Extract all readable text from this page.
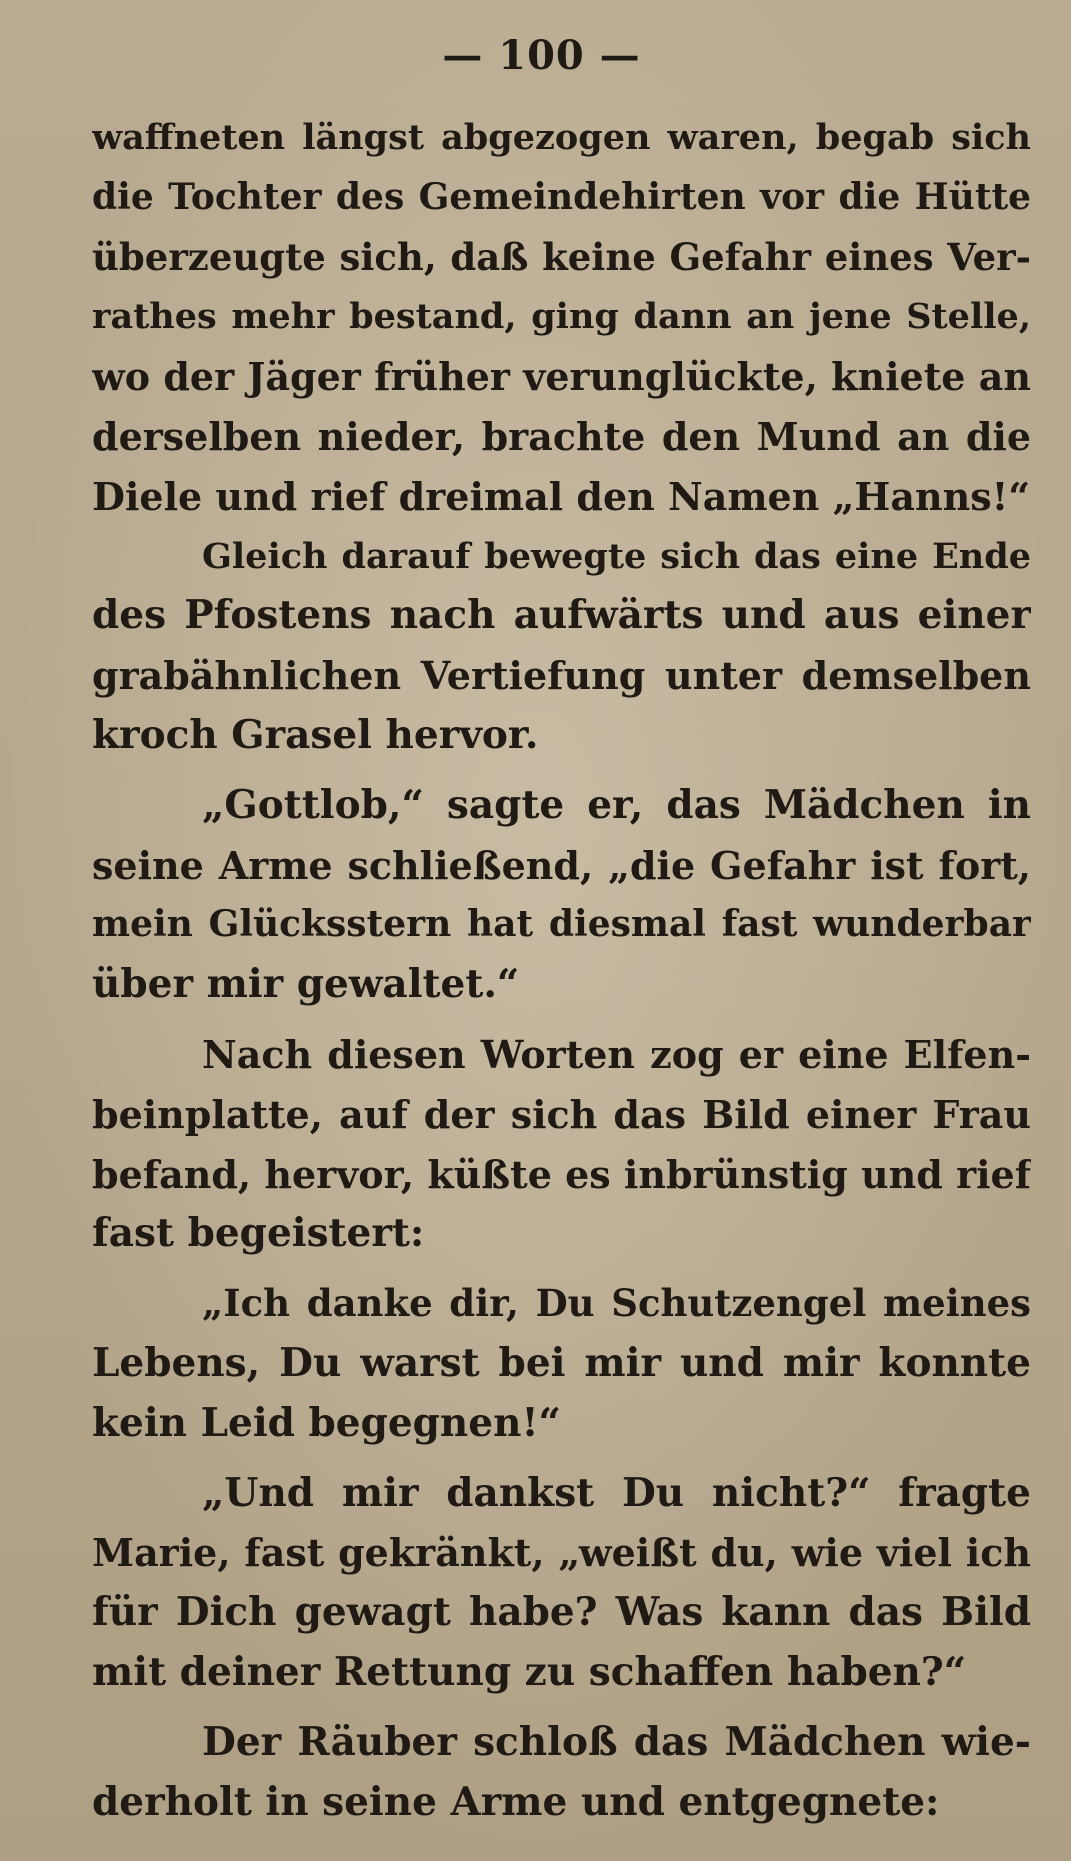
— 100 —
waffneten längst abgezogen waren, begab sich
die Tochter des Gemeindehirten vor die Hütte
überzeugte sich, daß keine Gefahr eines Ver-
rathes mehr bestand, ging dann an jene Stelle,
wo der Jäger früher verunglückte, kniete an
derselben nieder, brachte den Mund an die
Diele und rief dreimal den Namen „Hanns!“
Gleich darauf bewegte sich das eine Ende
des Pfostens nach aufwärts und aus einer
grabähnlichen Vertiefung unter demselben
kroch Grasel hervor.
„Gottlob,“ sagte er, das Mädchen in
seine Arme schließend, „die Gefahr ist fort,
mein Glücksstern hat diesmal fast wunderbar
über mir gewaltet.“
Nach diesen Worten zog er eine Elfen-
beinplatte, auf der sich das Bild einer Frau
befand, hervor, küßte es inbrünstig und rief
fast begeistert:
„Ich danke dir, Du Schutzengel meines
Lebens, Du warst bei mir und mir konnte
kein Leid begegnen!“
„Und mir dankst Du nicht?“ fragte
Marie, fast gekränkt, „weißt du, wie viel ich
für Dich gewagt habe? Was kann das Bild
mit deiner Rettung zu schaffen haben?“
Der Räuber schloß das Mädchen wie-
derholt in seine Arme und entgegnete:
